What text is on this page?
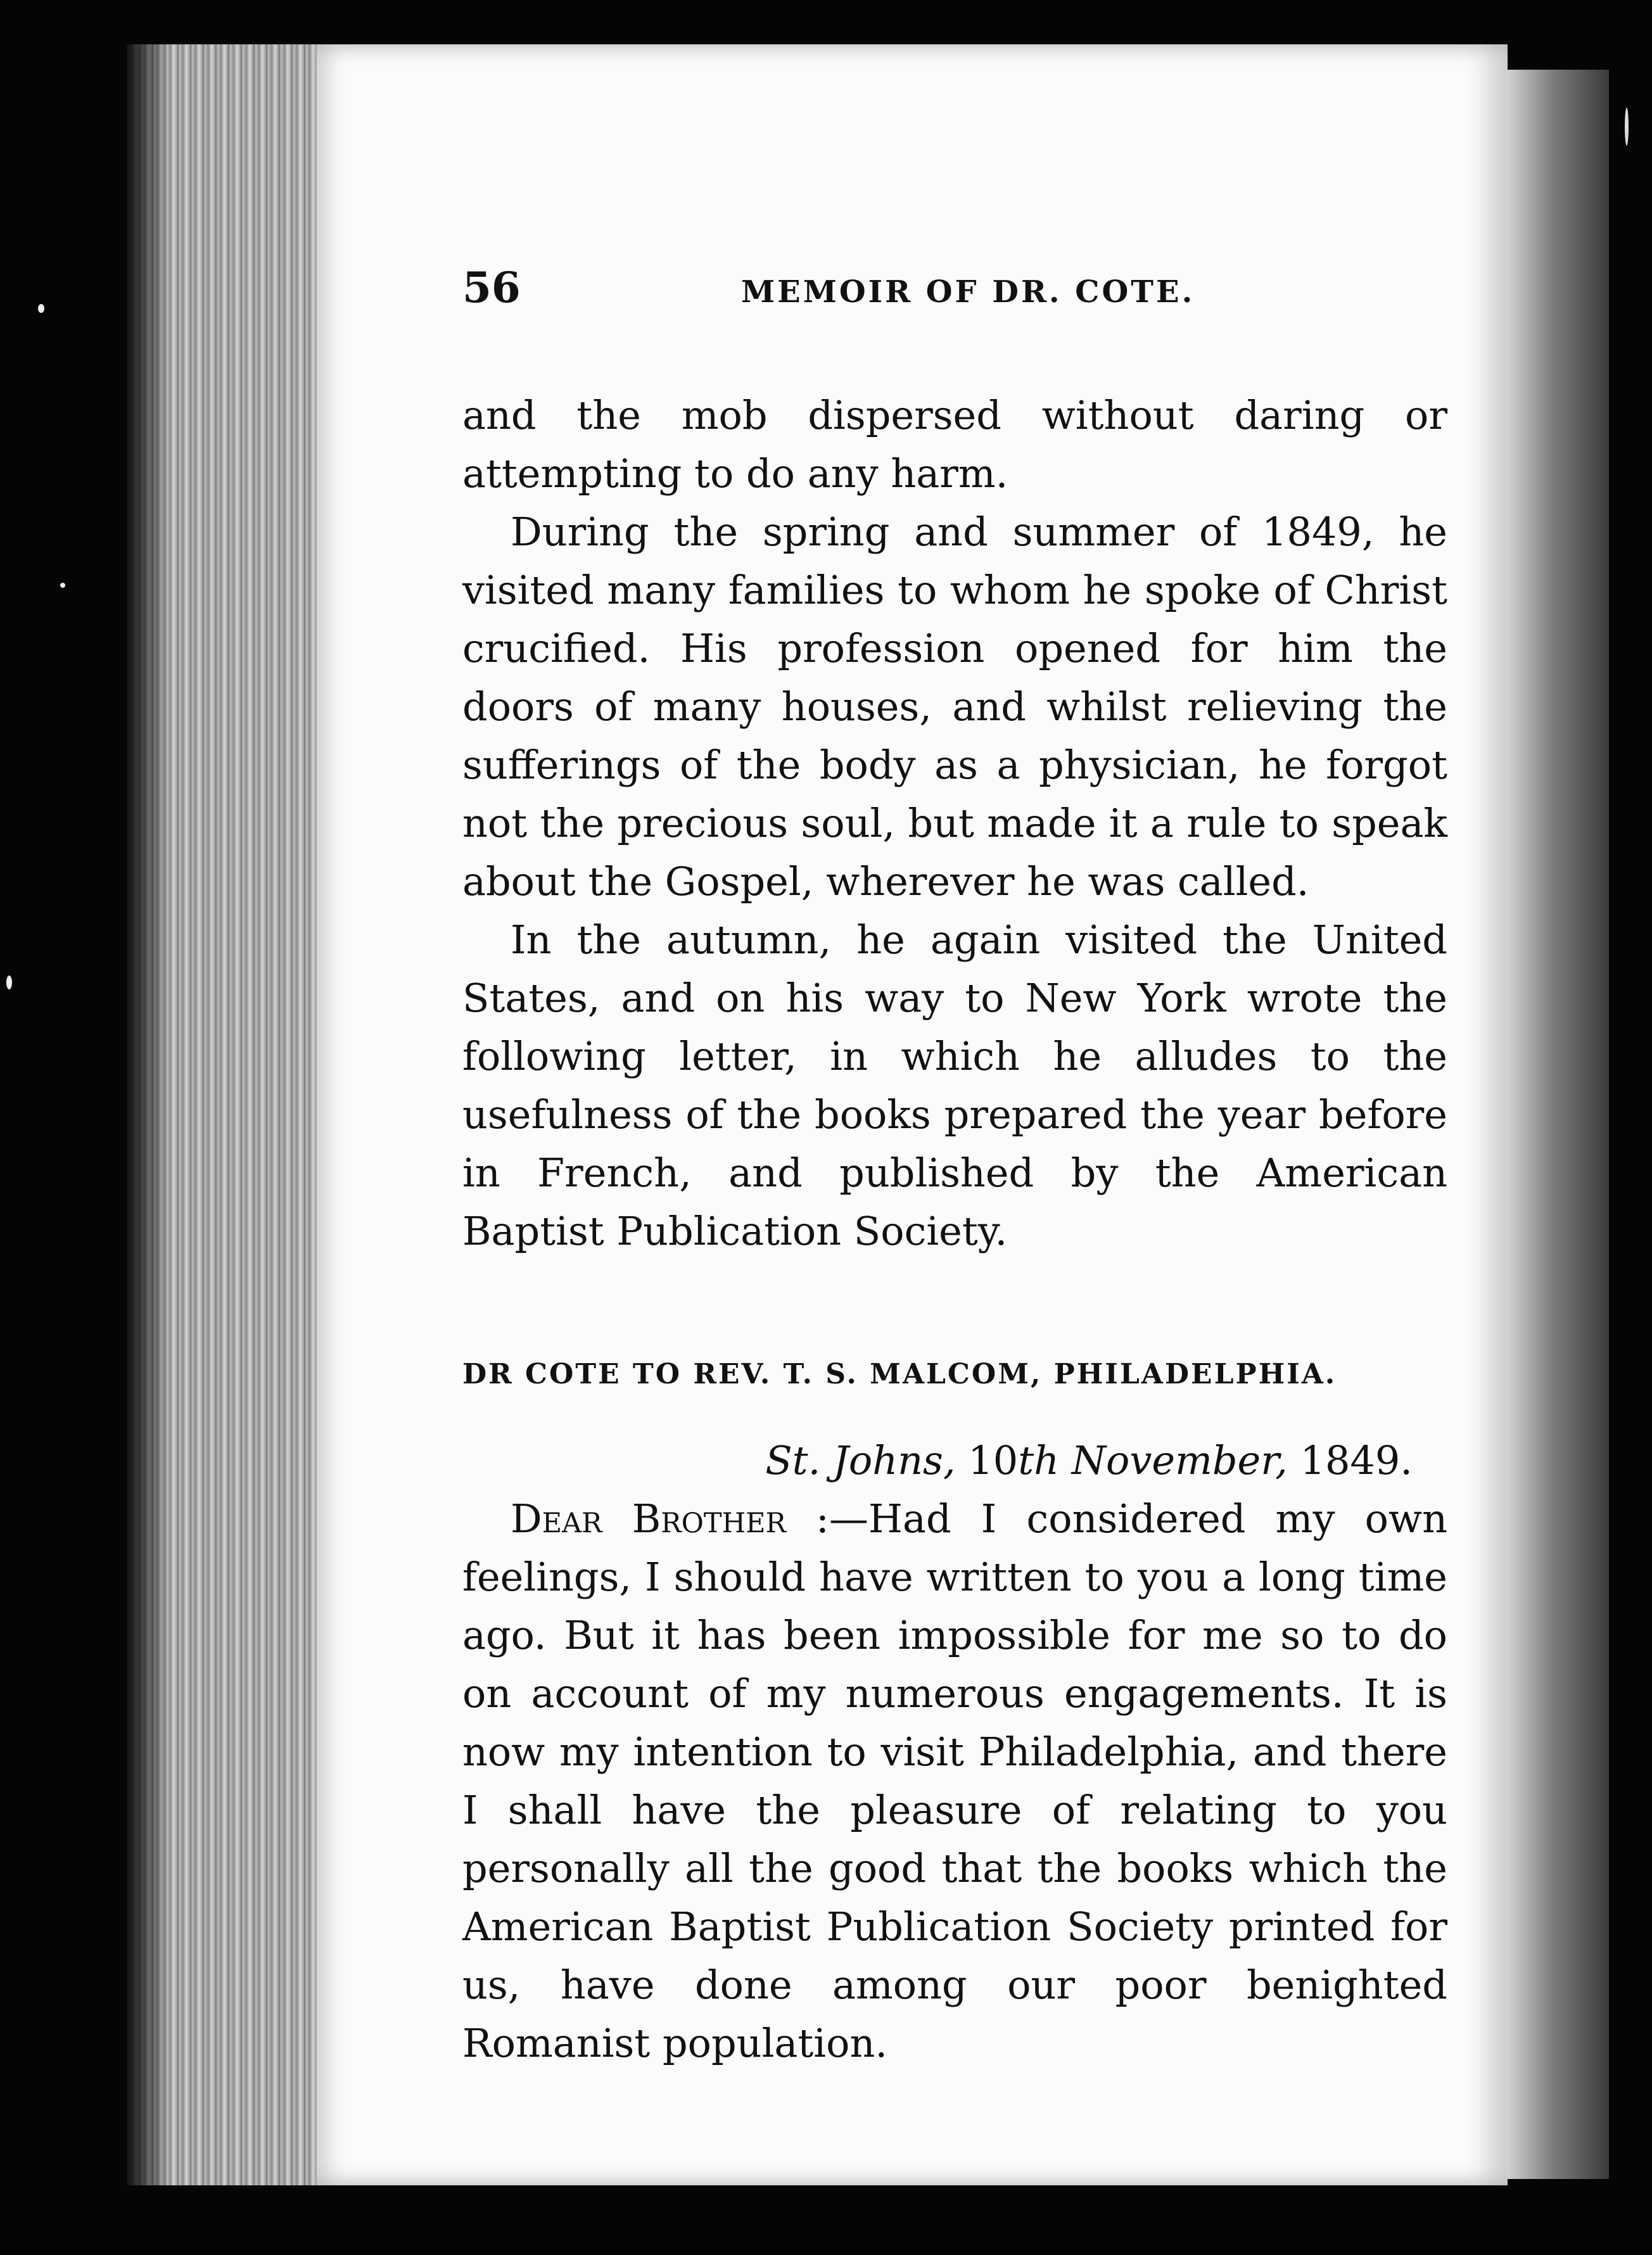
56	MEMOIR OF DR. COTE.

and the mob dispersed without daring or attempting to do any harm.

During the spring and summer of 1849, he visited many families to whom he spoke of Christ crucified. His profession opened for him the doors of many houses, and whilst relieving the sufferings of the body as a physician, he forgot not the precious soul, but made it a rule to speak about the Gospel, wherever he was called.

In the autumn, he again visited the United States, and on his way to New York wrote the following letter, in which he alludes to the usefulness of the books prepared the year before in French, and published by the American Baptist Publication Society.

DR COTE TO REV. T. S. MALCOM, PHILADELPHIA.

St. Johns, 10th November, 1849.

Dear Brother :—Had I considered my own feelings, I should have written to you a long time ago. But it has been impossible for me so to do on account of my numerous engagements. It is now my intention to visit Philadelphia, and there I shall have the pleasure of relating to you personally all the good that the books which the American Baptist Publication Society printed for us, have done among our poor benighted Romanist population.
